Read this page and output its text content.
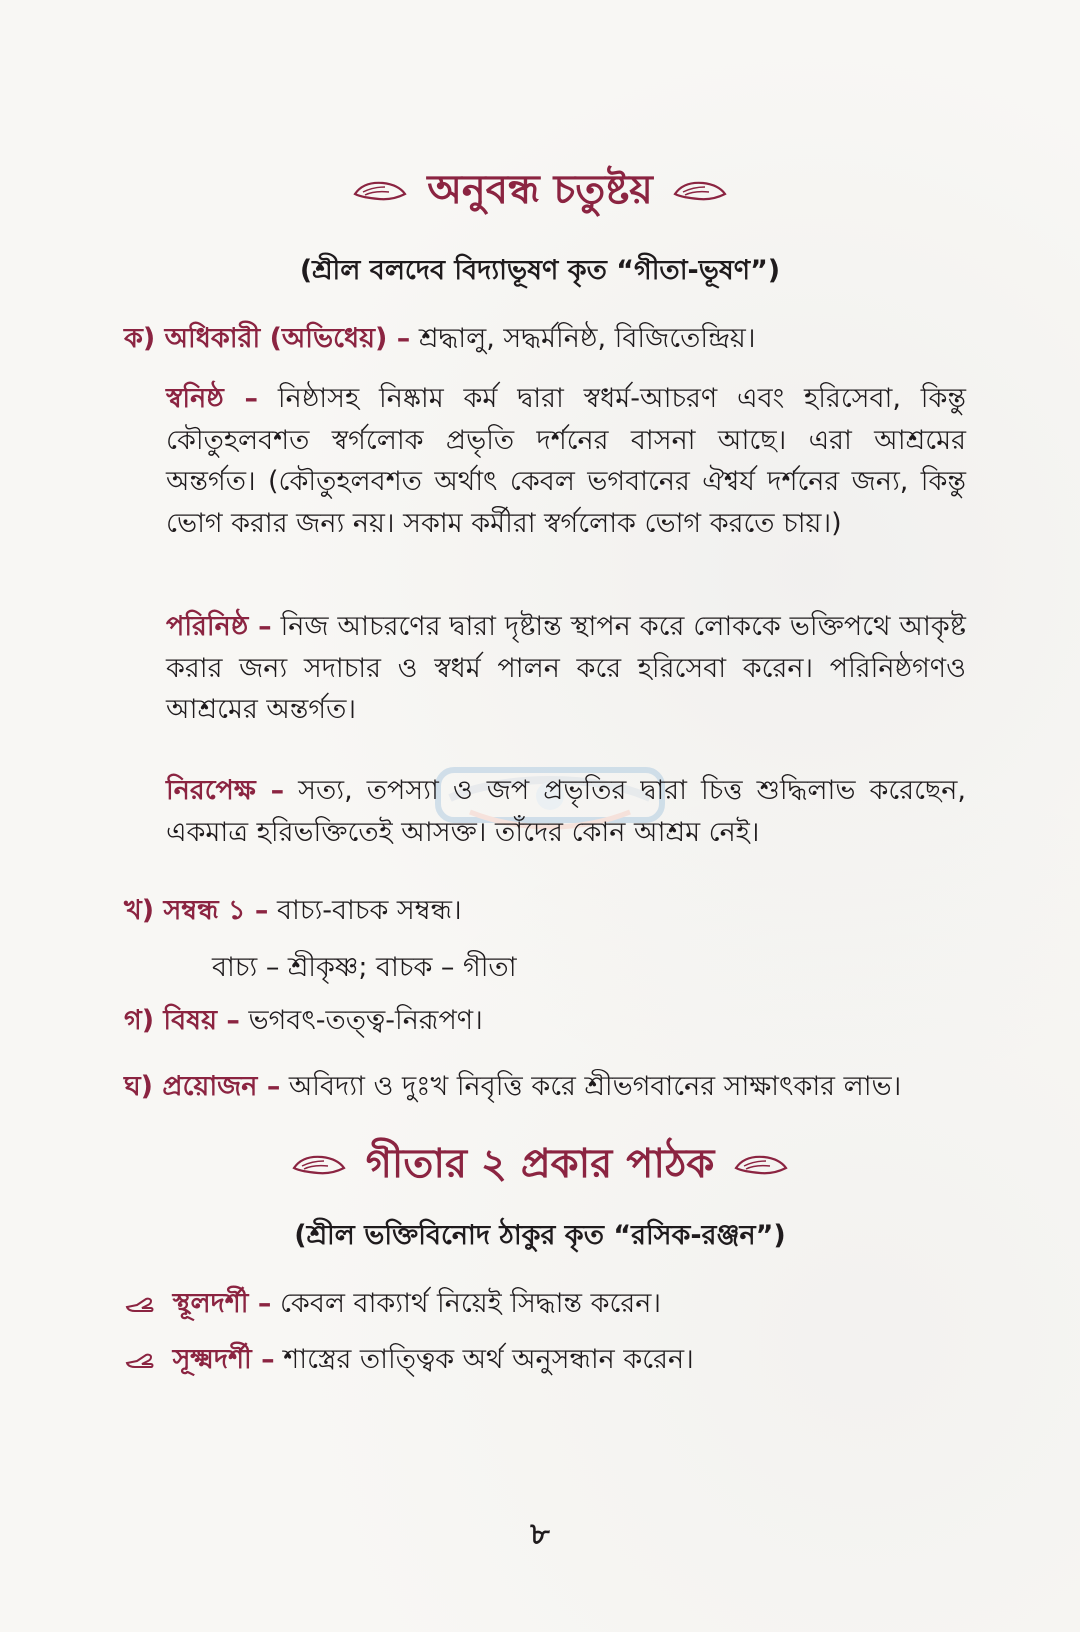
অনুবন্ধ চতুষ্টয়
(শ্রীল বলদেব বিদ্যাভূষণ কৃত “গীতা-ভূষণ”)
ক) অধিকারী (অভিধেয়) – শ্রদ্ধালু, সদ্ধর্মনিষ্ঠ, বিজিতেন্দ্রিয়।
স্বনিষ্ঠ – নিষ্ঠাসহ নিষ্কাম কর্ম দ্বারা স্বধর্ম-আচরণ এবং হরিসেবা, কিন্তু কৌতুহলবশত স্বর্গলোক প্রভৃতি দর্শনের বাসনা আছে। এরা আশ্রমের অন্তর্গত। (কৌতুহলবশত অর্থাৎ কেবল ভগবানের ঐশ্বর্য দর্শনের জন্য, কিন্তু ভোগ করার জন্য নয়। সকাম কর্মীরা স্বর্গলোক ভোগ করতে চায়।)
পরিনিষ্ঠ – নিজ আচরণের দ্বারা দৃষ্টান্ত স্থাপন করে লোককে ভক্তিপথে আকৃষ্ট করার জন্য সদাচার ও স্বধর্ম পালন করে হরিসেবা করেন। পরিনিষ্ঠগণও আশ্রমের অন্তর্গত।
নিরপেক্ষ – সত্য, তপস্যা ও জপ প্রভৃতির দ্বারা চিত্ত শুদ্ধিলাভ করেছেন, একমাত্র হরিভক্তিতেই আসক্ত। তাঁদের কোন আশ্রম নেই।
খ) সম্বন্ধ ১ – বাচ্য-বাচক সম্বন্ধ।
বাচ্য – শ্রীকৃষ্ণ; বাচক – গীতা
গ) বিষয় – ভগবৎ-তত্ত্ব-নিরূপণ।
ঘ) প্রয়োজন – অবিদ্যা ও দুঃখ নিবৃত্তি করে শ্রীভগবানের সাক্ষাৎকার লাভ।
গীতার ২ প্রকার পাঠক
(শ্রীল ভক্তিবিনোদ ঠাকুর কৃত “রসিক-রঞ্জন”)
স্থূলদর্শী – কেবল বাক্যার্থ নিয়েই সিদ্ধান্ত করেন।
সূক্ষ্মদর্শী – শাস্ত্রের তাত্ত্বিক অর্থ অনুসন্ধান করেন।
৮
